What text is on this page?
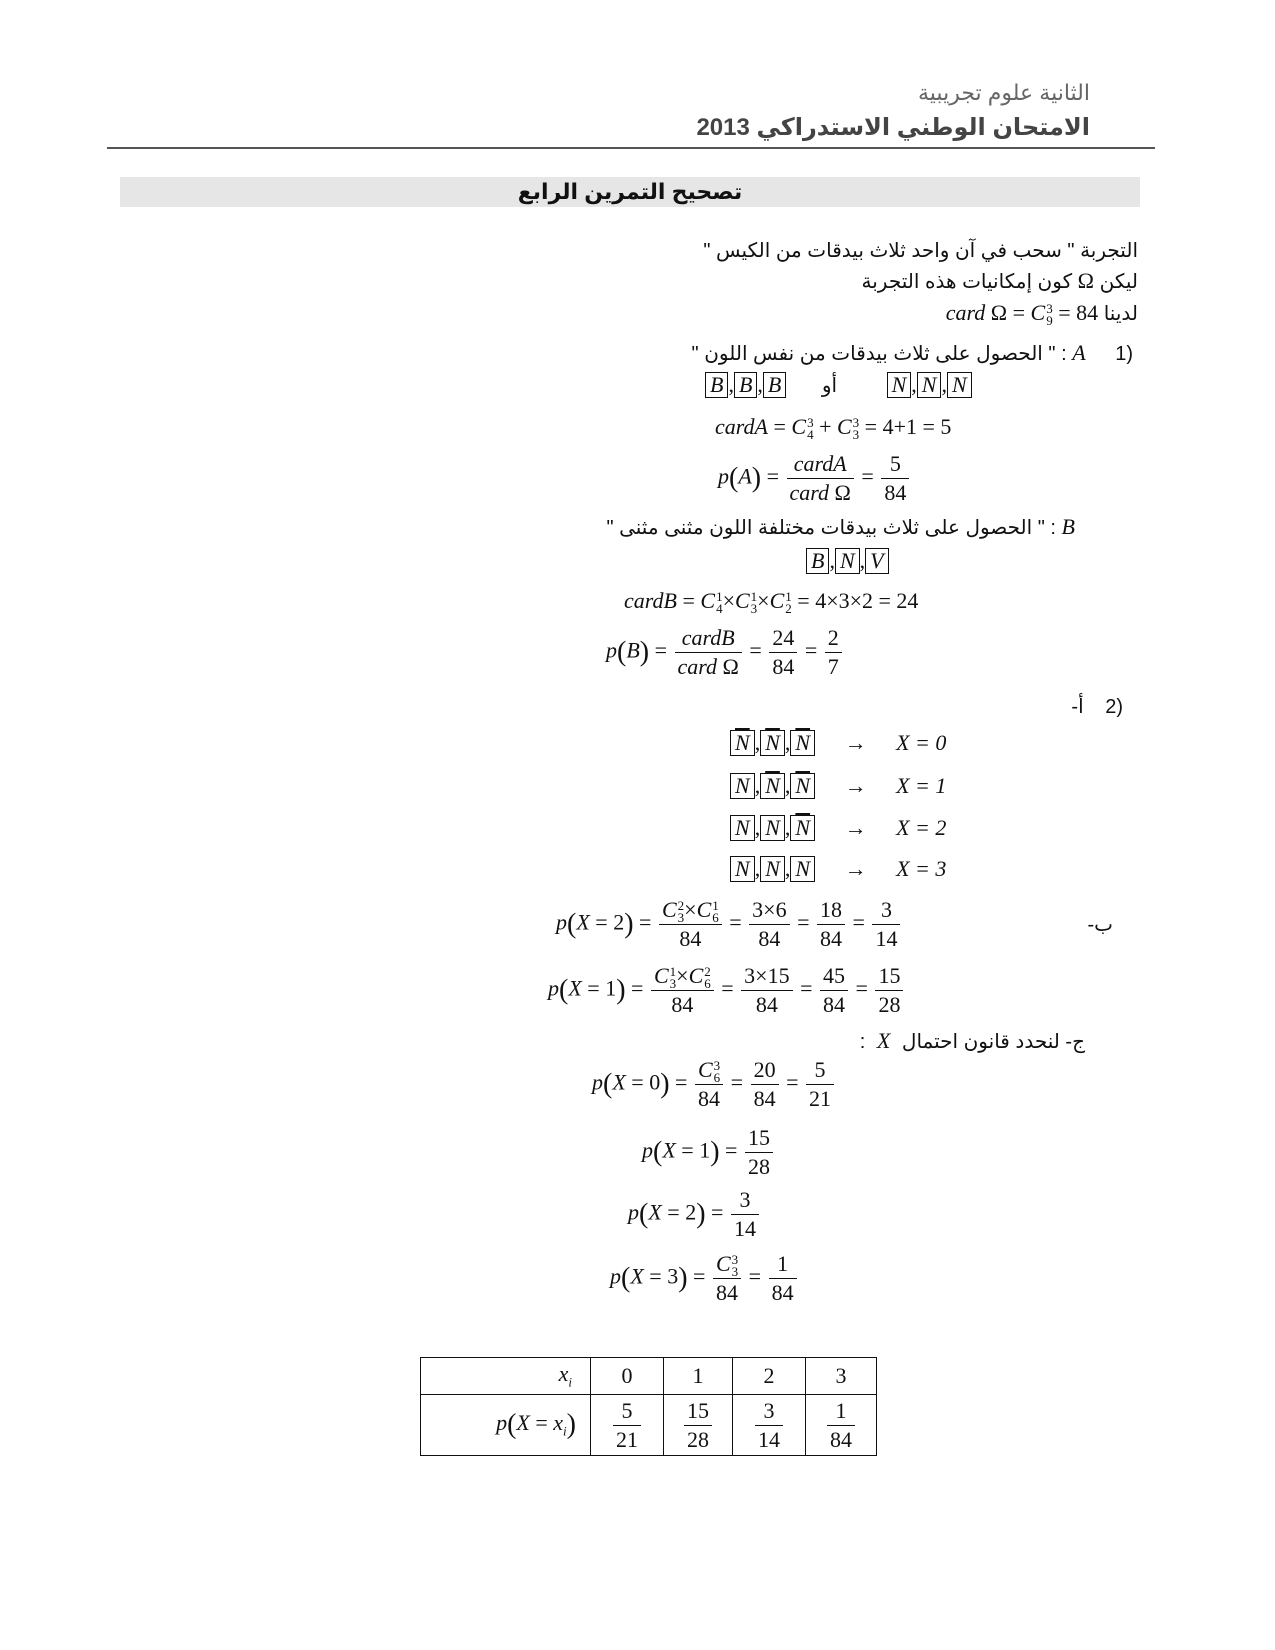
الثانية علوم تجريبية
الامتحان الوطني الاستدراكي 2013
تصحيح التمرين الرابع
التجربة " سحب في آن واحد ثلاث بيدقات من الكيس "
ليكن Ω كون إمكانيات هذه التجربة
لدينا card Ω = C 3
9 = 84
(1 A : " الحصول على ثلاث بيدقات من نفس اللون "
B , B , B أو N , N , N
cardA = C 3
4 + C 3
3 = 4+1 = 5
$p(A) = \frac{\text{cardA}}{\text{card Ω}} = \frac{5}{84}$
B : " الحصول على ثلاث بيدقات مختلفة اللون مثنى مثنى "
B , N , V
cardB = C 1
4 ×C 1
3 ×C 1
2 = 4×3×2 = 24
$p(B) = \frac{\text{cardB}}{\text{card Ω}} = \frac{24}{84} = \frac{2}{7}$
(2 أ-
$\overline{N}$ , $\overline{N}$ , $\overline{N} \to X = 0$
N , $\overline{N}$ , $\overline{N} \to X = 1$
N , N , $\overline{N} \to X = 2$
N , N , N → X = 3
ب-
p(X = 2) = C 2
3 ×C 1
6
$84 = \frac{3\times 6}{84} = \frac{18}{84} = \frac{3}{14}$
p(X = 1) = C 1
3 ×C 2
6
$84 = \frac{3\times 15}{84} = \frac{45}{84} = \frac{15}{28}$
ج- لنحدد قانون احتمال X :
p(X = 0) = C 3
6
$84 = \frac{20}{84} = \frac{5}{21}$
$p(X = 1) = \frac{15}{28}$
$p(X = 2) = \frac{3}{14}$
p(X = 3) = C 3
3
$84 = \frac{1}{84}$
$x_i$	0	1	2	3
$p(X = x_i)$	$\frac{5}{21}$	$\frac{15}{28}$	$\frac{3}{14}$	$\frac{1}{84}$
